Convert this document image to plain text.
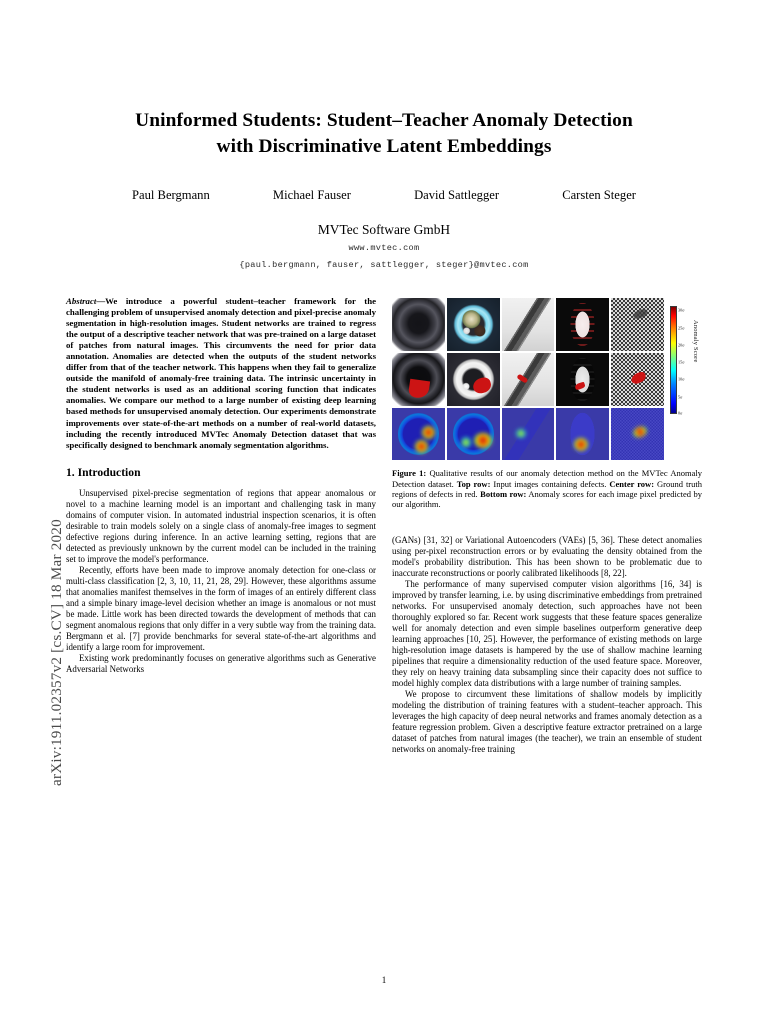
arXiv:1911.02357v2 [cs.CV] 18 Mar 2020
Uninformed Students: Student–Teacher Anomaly Detection
with Discriminative Latent Embeddings
Paul Bergmann	Michael Fauser	David Sattlegger	Carsten Steger
MVTec Software GmbH
www.mvtec.com
{paul.bergmann, fauser, sattlegger, steger}@mvtec.com

Abstract—We introduce a powerful student–teacher framework for the challenging problem of unsupervised anomaly detection and pixel-precise anomaly segmentation in high-resolution images. Student networks are trained to regress the output of a descriptive teacher network that was pre-trained on a large dataset of patches from natural images. This circumvents the need for prior data annotation. Anomalies are detected when the outputs of the student networks differ from that of the teacher network. This happens when they fail to generalize outside the manifold of anomaly-free training data. The intrinsic uncertainty in the student networks is used as an additional scoring function that indicates anomalies. We compare our method to a large number of existing deep learning based methods for unsupervised anomaly detection. Our experiments demonstrate improvements over state-of-the-art methods on a number of real-world datasets, including the recently introduced MVTec Anomaly Detection dataset that was specifically designed to benchmark anomaly segmentation algorithms.

1. Introduction

Unsupervised pixel-precise segmentation of regions that appear anomalous or novel to a machine learning model is an important and challenging task in many domains of computer vision. In automated industrial inspection scenarios, it is often desirable to train models solely on a single class of anomaly-free images to segment defective regions during inference. In an active learning setting, regions that are detected as previously unknown by the current model can be included in the training set to improve the model's performance.

Recently, efforts have been made to improve anomaly detection for one-class or multi-class classification [2, 3, 10, 11, 21, 28, 29]. However, these algorithms assume that anomalies manifest themselves in the form of images of an entirely different class and a simple binary image-level decision whether an image is anomalous or not must be made. Little work has been directed towards the development of methods that can segment anomalous regions that only differ in a very subtle way from the training data. Bergmann et al. [7] provide benchmarks for several state-of-the-art algorithms and identify a large room for improvement.

Existing work predominantly focuses on generative algorithms such as Generative Adversarial Networks

30σ
25σ
20σ
15σ
10σ
5σ
0σ
Anomaly Score
Figure 1: Qualitative results of our anomaly detection method on the MVTec Anomaly Detection dataset. Top row: Input images containing defects. Center row: Ground truth regions of defects in red. Bottom row: Anomaly scores for each image pixel predicted by our algorithm.

(GANs) [31, 32] or Variational Autoencoders (VAEs) [5, 36]. These detect anomalies using per-pixel reconstruction errors or by evaluating the density obtained from the model's probability distribution. This has been shown to be problematic due to inaccurate reconstructions or poorly calibrated likelihoods [8, 22].

The performance of many supervised computer vision algorithms [16, 34] is improved by transfer learning, i.e. by using discriminative embeddings from pretrained networks. For unsupervised anomaly detection, such approaches have not been thoroughly explored so far. Recent work suggests that these feature spaces generalize well for anomaly detection and even simple baselines outperform generative deep learning approaches [10, 25]. However, the performance of existing methods on large high-resolution image datasets is hampered by the use of shallow machine learning pipelines that require a dimensionality reduction of the used feature space. Moreover, they rely on heavy training data subsampling since their capacity does not suffice to model highly complex data distributions with a large number of training samples.

We propose to circumvent these limitations of shallow models by implicitly modeling the distribution of training features with a student–teacher approach. This leverages the high capacity of deep neural networks and frames anomaly detection as a feature regression problem. Given a descriptive feature extractor pretrained on a large dataset of patches from natural images (the teacher), we train an ensemble of student networks on anomaly-free training

1
